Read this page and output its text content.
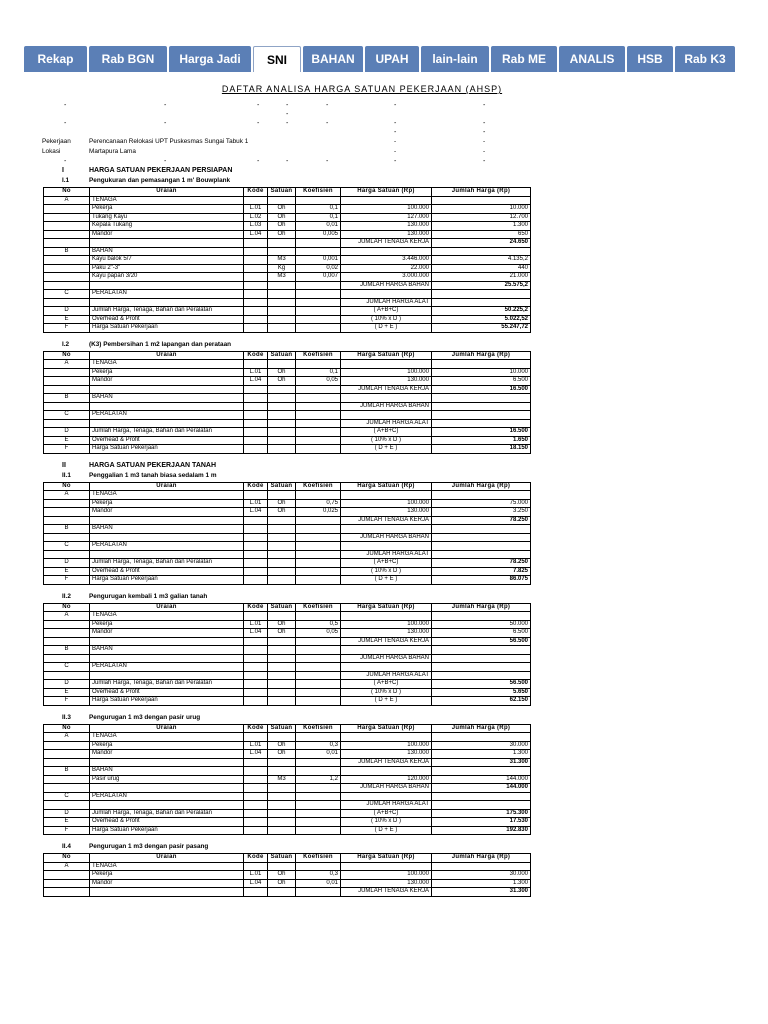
Rekap	Rab BGN	Harga Jadi	SNI	BAHAN	UPAH	lain-lain	Rab ME	ANALIS	HSB	Rab K3
DAFTAR ANALISA HARGA SATUAN PEKERJAAN (AHSP)
-	-	-	-	-	-	-
-
-	-	-	-	-	-	-
-	-
Pekerjaan	Perencanaan Relokasi UPT Puskesmas Sungai Tabuk 1	-	-
Lokasi	Martapura Lama	-	-
-	-	-	-	-	-	-
I	HARGA SATUAN PEKERJAAN PERSIAPAN
I.1	Pengukuran dan pemasangan 1 m' Bouwplank
No	Uraian	Kode	Satuan	Koefisien	Harga Satuan (Rp)	Jumlah Harga (Rp)
A	TENAGA					
	Pekerja	L.01	Oh	0,1	100.000	10.000
	Tukang Kayu	L.02	Oh	0,1	127.000	12.700
	Kepala Tukang	L.03	Oh	0,01	130.000	1.300
	Mandor	L.04	Oh	0,005	130.000	650
					JUMLAH TENAGA KERJA	24.650
B	BAHAN					
	Kayu balok 5/7		M3	0,001	3.446.000	4.135,2
	Paku 2"-3"		Kg	0,02	22.000	440
	Kayu papan 3/20		M3	0,007	3.000.000	21.000
					JUMLAH HARGA BAHAN	25.575,2
C	PERALATAN					
					JUMLAH HARGA ALAT	
D	Jumlah Harga, Tenaga, Bahan dan Peralatan				( A+B+C)	50.225,2
E	Overhead & Profit				( 10% x D )	5.022,52
F	Harga Satuan Pekerjaan				( D + E )	55.247,72
I.2	(K3) Pembersihan 1 m2 lapangan dan perataan
No	Uraian	Kode	Satuan	Koefisien	Harga Satuan (Rp)	Jumlah Harga (Rp)
A	TENAGA					
	Pekerja	L.01	Oh	0,1	100.000	10.000
	Mandor	L.04	Oh	0,05	130.000	6.500
					JUMLAH TENAGA KERJA	16.500
B	BAHAN					
					JUMLAH HARGA BAHAN	
C	PERALATAN					
					JUMLAH HARGA ALAT	
D	Jumlah Harga, Tenaga, Bahan dan Peralatan				( A+B+C)	16.500
E	Overhead & Profit				( 10% x D )	1.650
F	Harga Satuan Pekerjaan				( D + E )	18.150
II	HARGA SATUAN PEKERJAAN TANAH
II.1	Penggalian 1 m3 tanah biasa sedalam 1 m
No	Uraian	Kode	Satuan	Koefisien	Harga Satuan (Rp)	Jumlah Harga (Rp)
A	TENAGA					
	Pekerja	L.01	Oh	0,75	100.000	75.000
	Mandor	L.04	Oh	0,025	130.000	3.250
					JUMLAH TENAGA KERJA	78.250
B	BAHAN					
					JUMLAH HARGA BAHAN	
C	PERALATAN					
					JUMLAH HARGA ALAT	
D	Jumlah Harga, Tenaga, Bahan dan Peralatan				( A+B+C)	78.250
E	Overhead & Profit				( 10% x D )	7.825
F	Harga Satuan Pekerjaan				( D + E )	86.075
II.2	Pengurugan kembali 1 m3 galian tanah
No	Uraian	Kode	Satuan	Koefisien	Harga Satuan (Rp)	Jumlah Harga (Rp)
A	TENAGA					
	Pekerja	L.01	Oh	0,5	100.000	50.000
	Mandor	L.04	Oh	0,05	130.000	6.500
					JUMLAH TENAGA KERJA	56.500
B	BAHAN					
					JUMLAH HARGA BAHAN	
C	PERALATAN					
					JUMLAH HARGA ALAT	
D	Jumlah Harga, Tenaga, Bahan dan Peralatan				( A+B+C)	56.500
E	Overhead & Profit				( 10% x D )	5.650
F	Harga Satuan Pekerjaan				( D + E )	62.150
II.3	Pengurugan 1 m3 dengan pasir urug
No	Uraian	Kode	Satuan	Koefisien	Harga Satuan (Rp)	Jumlah Harga (Rp)
A	TENAGA					
	Pekerja	L.01	Oh	0,3	100.000	30.000
	Mandor	L.04	Oh	0,01	130.000	1.300
					JUMLAH TENAGA KERJA	31.300
B	BAHAN					
	Pasir urug		M3	1,2	120.000	144.000
					JUMLAH HARGA BAHAN	144.000
C	PERALATAN					
					JUMLAH HARGA ALAT	
D	Jumlah Harga, Tenaga, Bahan dan Peralatan				( A+B+C)	175.300
E	Overhead & Profit				( 10% x D )	17.530
F	Harga Satuan Pekerjaan				( D + E )	192.830
II.4	Pengurugan 1 m3 dengan pasir pasang
No	Uraian	Kode	Satuan	Koefisien	Harga Satuan (Rp)	Jumlah Harga (Rp)
A	TENAGA					
	Pekerja	L.01	Oh	0,3	100.000	30.000
	Mandor	L.04	Oh	0,01	130.000	1.300
					JUMLAH TENAGA KERJA	31.300
